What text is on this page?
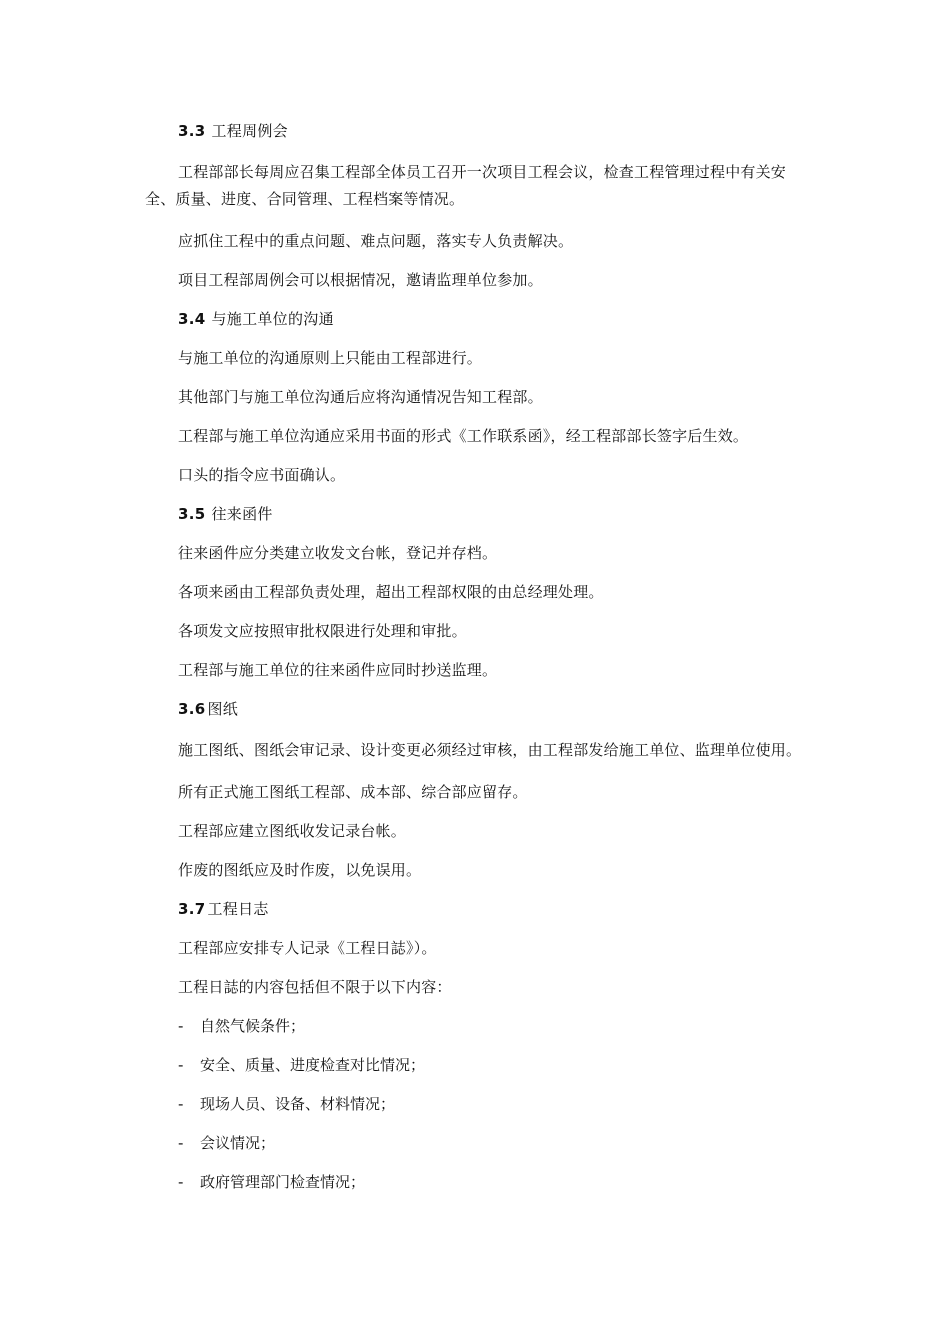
3.3 工程周例会

工程部部长每周应召集工程部全体员工召开一次项目工程会议，检查工程管理过程中有关安全、质量、进度、合同管理、工程档案等情况。

应抓住工程中的重点问题、难点问题，落实专人负责解决。

项目工程部周例会可以根据情况，邀请监理单位参加。

3.4 与施工单位的沟通

与施工单位的沟通原则上只能由工程部进行。

其他部门与施工单位沟通后应将沟通情况告知工程部。

工程部与施工单位沟通应采用书面的形式《工作联系函》，经工程部部长签字后生效。

口头的指令应书面确认。

3.5 往来函件

往来函件应分类建立收发文台帐，登记并存档。

各项来函由工程部负责处理，超出工程部权限的由总经理处理。

各项发文应按照审批权限进行处理和审批。

工程部与施工单位的往来函件应同时抄送监理。

3.6 图纸

施工图纸、图纸会审记录、设计变更必须经过审核，由工程部发给施工单位、监理单位使用。

所有正式施工图纸工程部、成本部、综合部应留存。

工程部应建立图纸收发记录台帐。

作废的图纸应及时作废，以免误用。

3.7 工程日志

工程部应安排专人记录《工程日誌》）。

工程日誌的内容包括但不限于以下内容：

-	自然气候条件；
-	安全、质量、进度检查对比情况；
-	现场人员、设备、材料情况；
-	会议情况；
-	政府管理部门检查情况；
